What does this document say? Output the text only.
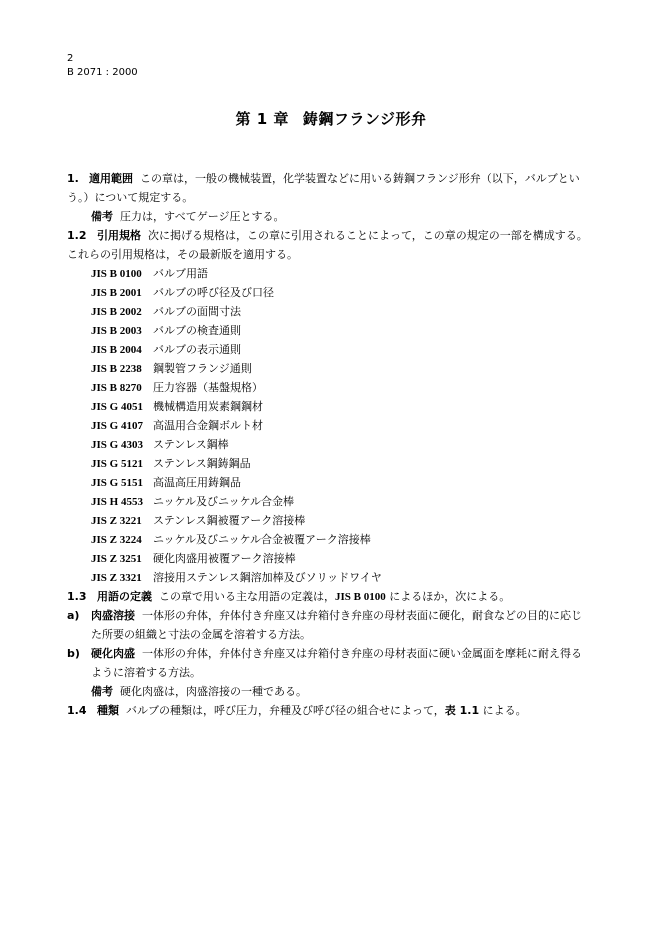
2
B 2071 : 2000
第 1 章 鋳鋼フランジ形弁
1. 適用範囲 この章は，一般の機械装置，化学装置などに用いる鋳鋼フランジ形弁（以下，バルブとい
う。）について規定する。
備考 圧力は，すべてゲージ圧とする。
1.2 引用規格 次に掲げる規格は，この章に引用されることによって，この章の規定の一部を構成する。
これらの引用規格は，その最新版を適用する。
JIS B 0100 バルブ用語
JIS B 2001 バルブの呼び径及び口径
JIS B 2002 バルブの面間寸法
JIS B 2003 バルブの検査通則
JIS B 2004 バルブの表示通則
JIS B 2238 鋼製管フランジ通則
JIS B 8270 圧力容器（基盤規格）
JIS G 4051 機械構造用炭素鋼鋼材
JIS G 4107 高温用合金鋼ボルト材
JIS G 4303 ステンレス鋼棒
JIS G 5121 ステンレス鋼鋳鋼品
JIS G 5151 高温高圧用鋳鋼品
JIS H 4553 ニッケル及びニッケル合金棒
JIS Z 3221 ステンレス鋼被覆アーク溶接棒
JIS Z 3224 ニッケル及びニッケル合金被覆アーク溶接棒
JIS Z 3251 硬化肉盛用被覆アーク溶接棒
JIS Z 3321 溶接用ステンレス鋼溶加棒及びソリッドワイヤ
1.3 用語の定義 この章で用いる主な用語の定義は，JIS B 0100 によるほか，次による。
a) 肉盛溶接 一体形の弁体，弁体付き弁座又は弁箱付き弁座の母材表面に硬化，耐食などの目的に応じ
た所要の組織と寸法の金属を溶着する方法。
b) 硬化肉盛 一体形の弁体，弁体付き弁座又は弁箱付き弁座の母材表面に硬い金属面を摩耗に耐え得る
ように溶着する方法。
備考 硬化肉盛は，肉盛溶接の一種である。
1.4 種類 バルブの種類は，呼び圧力，弁種及び呼び径の組合せによって，表 1.1 による。
